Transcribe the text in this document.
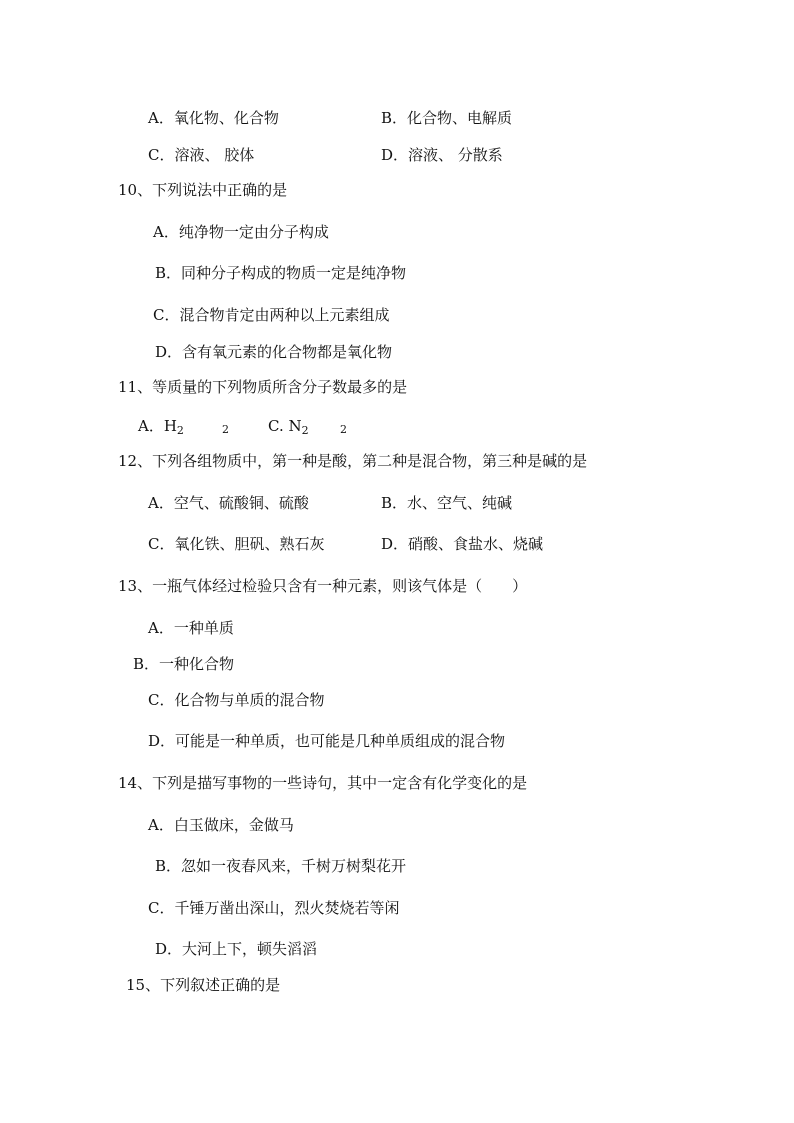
A．氧化物、化合物	B．化合物、电解质
C．溶液、 胶体	D．溶液、 分散系
10、下列说法中正确的是
A．纯净物一定由分子构成
B．同种分子构成的物质一定是纯净物
C．混合物肯定由两种以上元素组成
D．含有氧元素的化合物都是氧化物
11、等质量的下列物质所含分子数最多的是
A．$H_2$	2	C. $N_2$	2
12、下列各组物质中，第一种是酸，第二种是混合物，第三种是碱的是
A．空气、硫酸铜、硫酸	B．水、空气、纯碱
C．氧化铁、胆矾、熟石灰	D．硝酸、食盐水、烧碱
13、一瓶气体经过检验只含有一种元素，则该气体是（　　）
A．一种单质
B．一种化合物
C．化合物与单质的混合物
D．可能是一种单质，也可能是几种单质组成的混合物
14、下列是描写事物的一些诗句，其中一定含有化学变化的是
A．白玉做床，金做马
B．忽如一夜春风来，千树万树梨花开
C．千锤万凿出深山，烈火焚烧若等闲
D．大河上下，顿失滔滔
15、下列叙述正确的是
